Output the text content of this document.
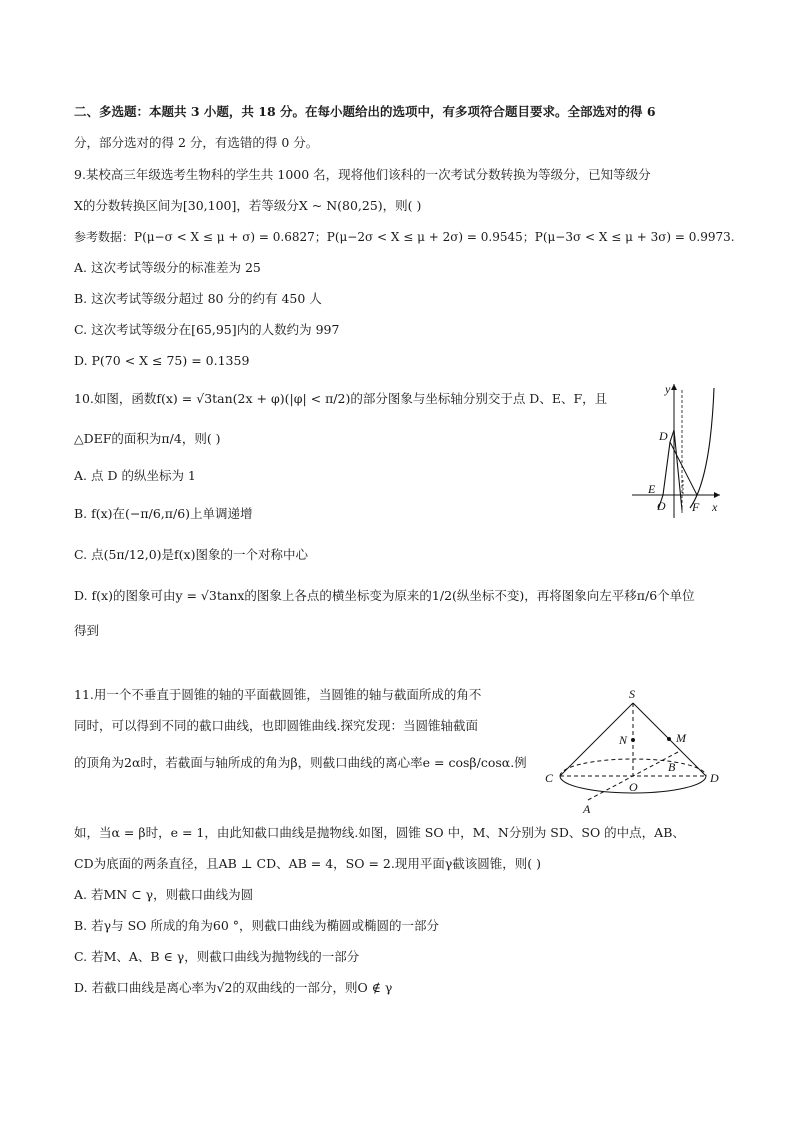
二、多选题：本题共 3 小题，共 18 分。在每小题给出的选项中，有多项符合题目要求。全部选对的得 6
分，部分选对的得 2 分，有选错的得 0 分。
9.某校高三年级选考生物科的学生共 1000 名，现将他们该科的一次考试分数转换为等级分，已知等级分
X的分数转换区间为[30,100]，若等级分X ~ N(80,25)，则( )
参考数据：P(μ−σ < X ≤ μ + σ) = 0.6827；P(μ−2σ < X ≤ μ + 2σ) = 0.9545；P(μ−3σ < X ≤ μ + 3σ) = 0.9973.
A. 这次考试等级分的标准差为 25
B. 这次考试等级分超过 80 分的约有 450 人
C. 这次考试等级分在[65,95]内的人数约为 997
D. P(70 < X ≤ 75) = 0.1359
10.如图，函数f(x) = √3tan(2x + φ)(|φ| < π/2)的部分图象与坐标轴分别交于点 D、E、F，且
△DEF的面积为π/4，则( )
A. 点 D 的纵坐标为 1
B. f(x)在(−π/6,π/6)上单调递增
C. 点(5π/12,0)是f(x)图象的一个对称中心
D. f(x)的图象可由y = √3tanx的图象上各点的横坐标变为原来的1/2(纵坐标不变)，再将图象向左平移π/6个单位
得到
y
D
E
O F x
11.用一个不垂直于圆锥的轴的平面截圆锥，当圆锥的轴与截面所成的角不
同时，可以得到不同的截口曲线，也即圆锥曲线.探究发现：当圆锥轴截面
的顶角为2α时，若截面与轴所成的角为β，则截口曲线的离心率e = cosβ/cosα.例
如，当α = β时，e = 1，由此知截口曲线是抛物线.如图，圆锥 SO 中，M、N分别为 SD、SO 的中点，AB、
CD为底面的两条直径，且AB ⊥ CD、AB = 4，SO = 2.现用平面γ截该圆锥，则( )
A. 若MN ⊂ γ，则截口曲线为圆
B. 若γ与 SO 所成的角为60 °，则截口曲线为椭圆或椭圆的一部分
C. 若M、A、B ∈ γ，则截口曲线为抛物线的一部分
D. 若截口曲线是离心率为√2的双曲线的一部分，则O ∉ γ
S
N	M
C
B
D
O
A
